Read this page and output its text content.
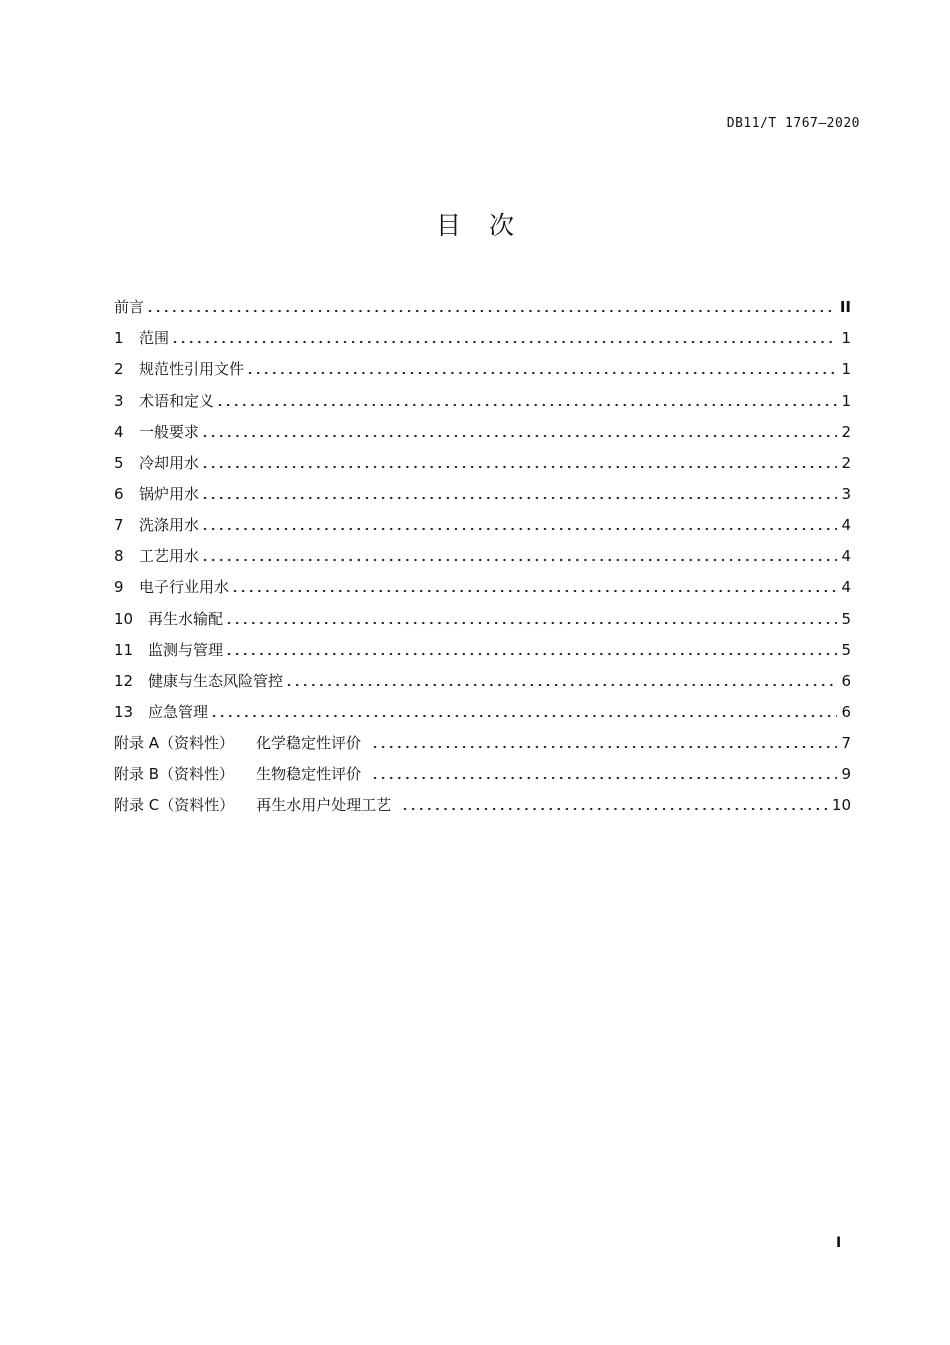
DB11/T 1767—2020
目次
前言	II
1	范围	1
2	规范性引用文件	1
3	术语和定义	1
4	一般要求	2
5	冷却用水	2
6	锅炉用水	3
7	洗涤用水	4
8	工艺用水	4
9	电子行业用水	4
10 再生水输配	5
11 监测与管理	5
12 健康与生态风险管控	6
13 应急管理	6
附录 A（资料性） 化学稳定性评价	7
附录 B（资料性） 生物稳定性评价	9
附录 C（资料性） 再生水用户处理工艺	10
I
